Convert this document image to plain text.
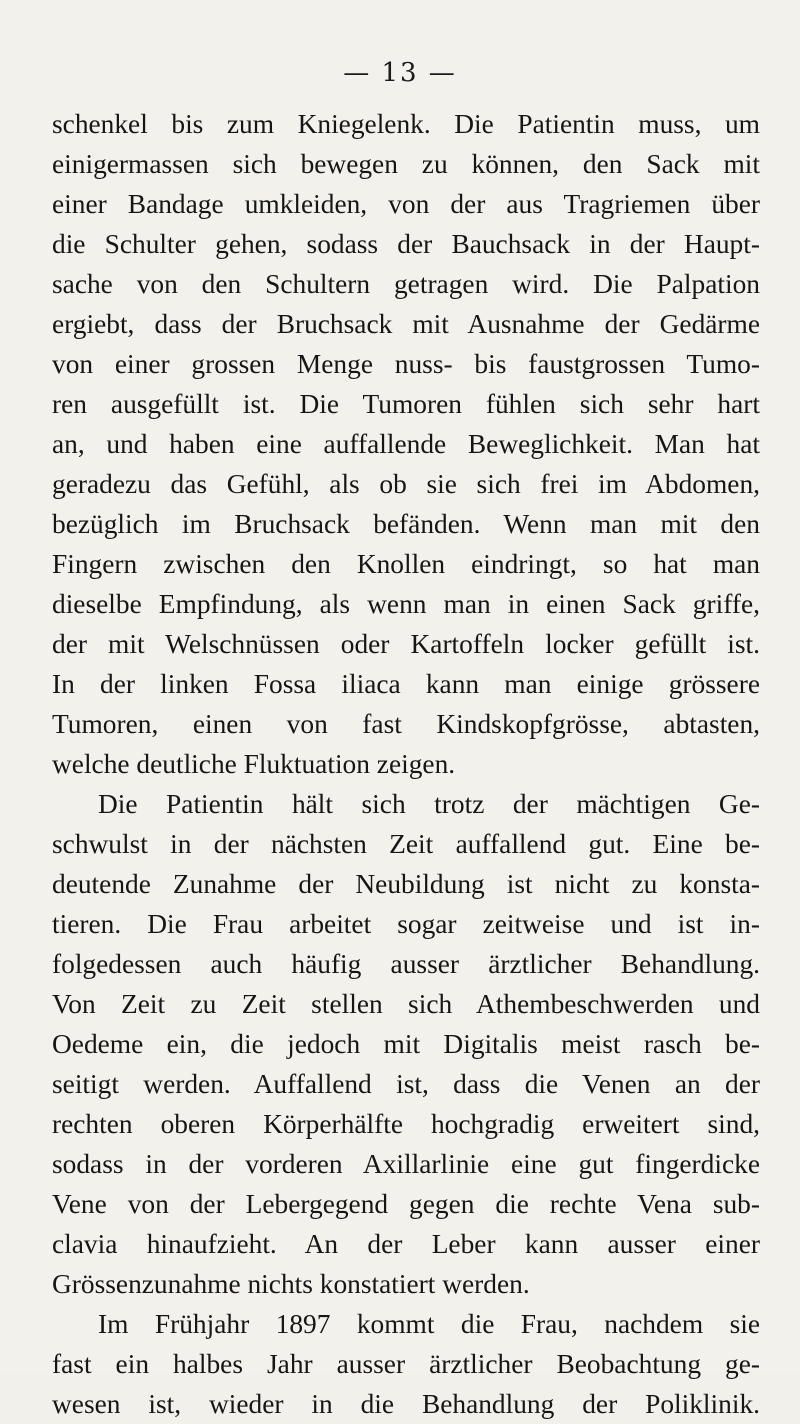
— 13 —
schenkel bis zum Kniegelenk. Die Patientin muss, um
einigermassen sich bewegen zu können, den Sack mit
einer Bandage umkleiden, von der aus Tragriemen über
die Schulter gehen, sodass der Bauchsack in der Haupt-
sache von den Schultern getragen wird. Die Palpation
ergiebt, dass der Bruchsack mit Ausnahme der Gedärme
von einer grossen Menge nuss- bis faustgrossen Tumo-
ren ausgefüllt ist. Die Tumoren fühlen sich sehr hart
an, und haben eine auffallende Beweglichkeit. Man hat
geradezu das Gefühl, als ob sie sich frei im Abdomen,
bezüglich im Bruchsack befänden. Wenn man mit den
Fingern zwischen den Knollen eindringt, so hat man
dieselbe Empfindung, als wenn man in einen Sack griffe,
der mit Welschnüssen oder Kartoffeln locker gefüllt ist.
In der linken Fossa iliaca kann man einige grössere
Tumoren, einen von fast Kindskopfgrösse, abtasten,
welche deutliche Fluktuation zeigen.
Die Patientin hält sich trotz der mächtigen Ge-
schwulst in der nächsten Zeit auffallend gut. Eine be-
deutende Zunahme der Neubildung ist nicht zu konsta-
tieren. Die Frau arbeitet sogar zeitweise und ist in-
folgedessen auch häufig ausser ärztlicher Behandlung.
Von Zeit zu Zeit stellen sich Athembeschwerden und
Oedeme ein, die jedoch mit Digitalis meist rasch be-
seitigt werden. Auffallend ist, dass die Venen an der
rechten oberen Körperhälfte hochgradig erweitert sind,
sodass in der vorderen Axillarlinie eine gut fingerdicke
Vene von der Lebergegend gegen die rechte Vena sub-
clavia hinaufzieht. An der Leber kann ausser einer
Grössenzunahme nichts konstatiert werden.
Im Frühjahr 1897 kommt die Frau, nachdem sie
fast ein halbes Jahr ausser ärztlicher Beobachtung ge-
wesen ist, wieder in die Behandlung der Poliklinik.
